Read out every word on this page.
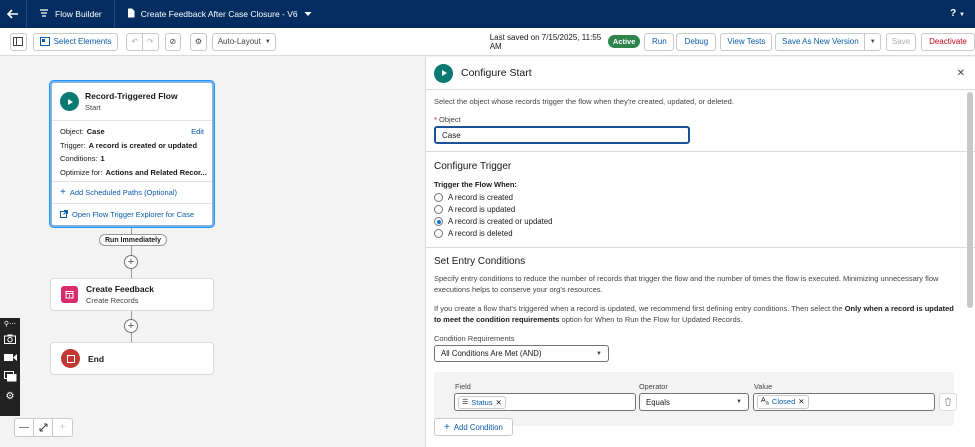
Flow Builder	Create Feedback After Case Closure - V6	? ▼
Select Elements ↶ ↷ ⊘ ⚙ Auto-Layout ▼	Last saved on 7/15/2025, 11:55 AM	Active	Run Debug View Tests Save As New Version ▼ Save Deactivate
Record-Triggered Flow
Start
Object: Case	Edit
Trigger: A record is created or updated
Conditions: 1
Optimize for: Actions and Related Recor...
+ Add Scheduled Paths (Optional)
Open Flow Trigger Explorer for Case
Run Immediately
+
Create Feedback
Create Records
+
End
⚲⋯
⚙
—	+
Configure Start	✕
Select the object whose records trigger the flow when they're created, updated, or deleted.
* Object
Case
Configure Trigger
Trigger the Flow When:
A record is created
A record is updated
A record is created or updated
A record is deleted
Set Entry Conditions
Specify entry conditions to reduce the number of records that trigger the flow and the number of times the flow is executed. Minimizing unnecessary flow executions helps to conserve your org's resources.
If you create a flow that's triggered when a record is updated, we recommend first defining entry conditions. Then select the Only when a record is updated to meet the condition requirements option for When to Run the Flow for Updated Records.
Condition Requirements
All Conditions Are Met (AND)	▼
Field	Operator	Value
☰ Status ✕	Equals	▼	$A_a$ Closed ✕
+ Add Condition
